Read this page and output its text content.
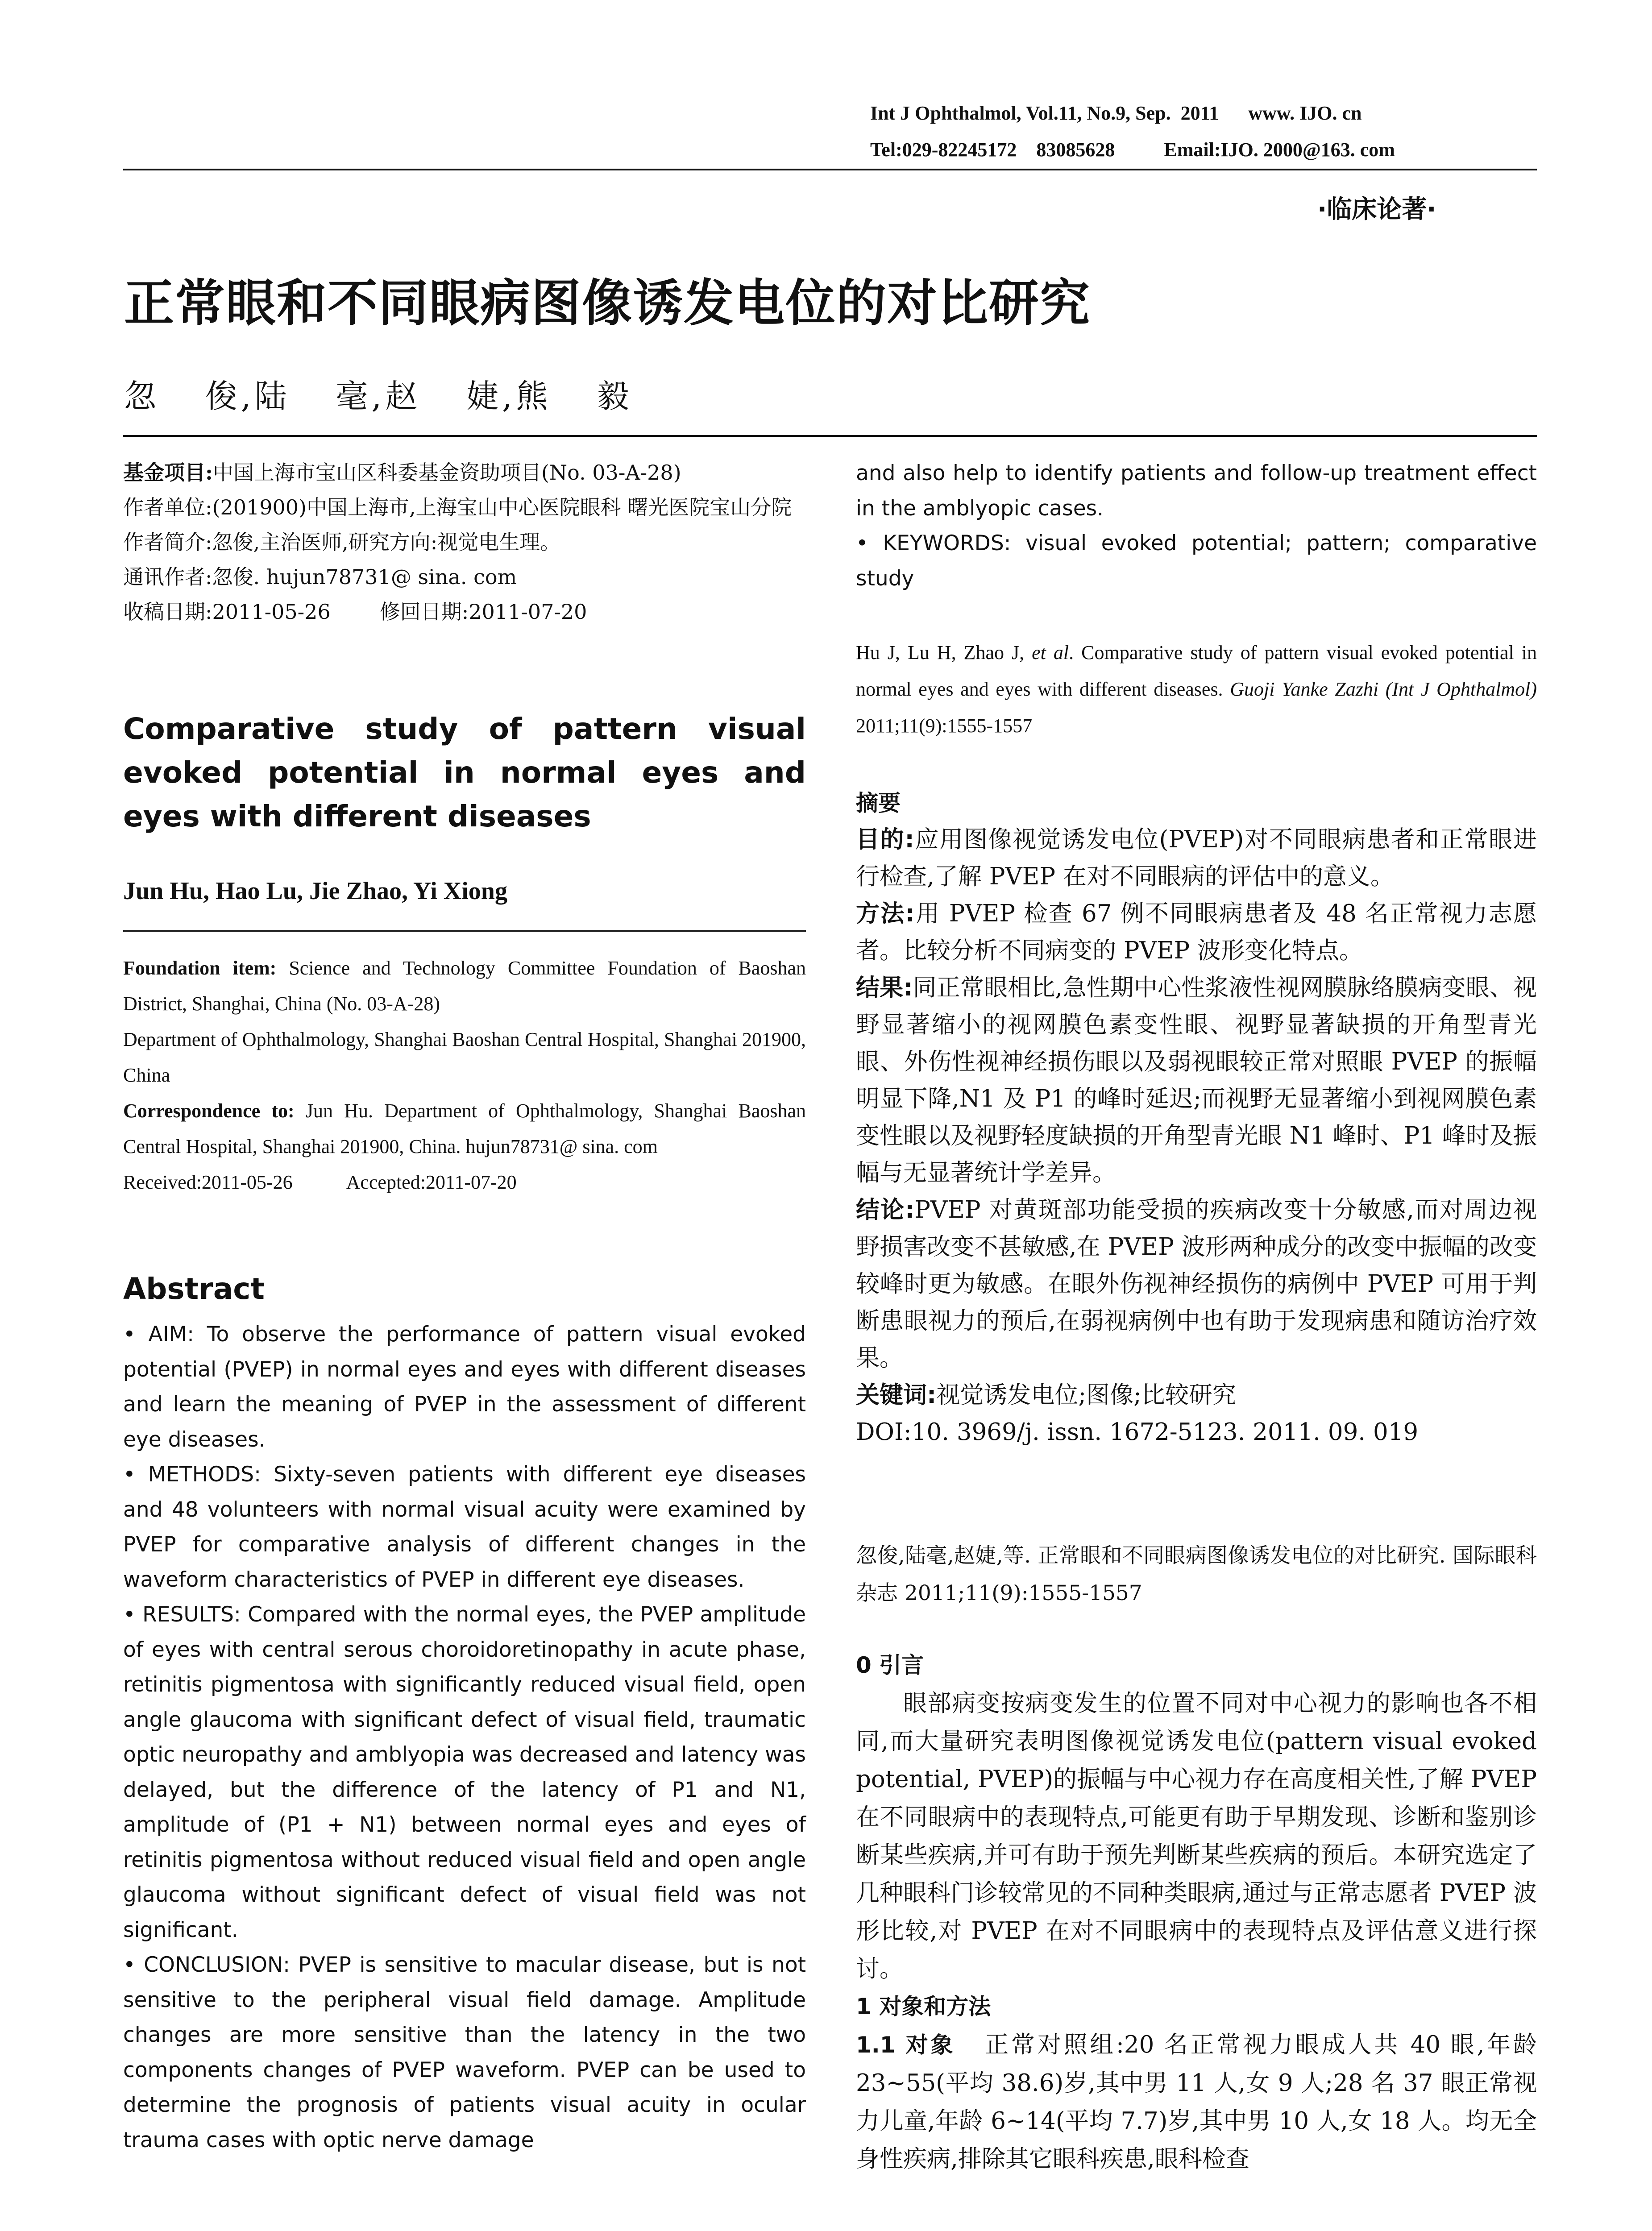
Int J Ophthalmol, Vol.11, No.9, Sep.  2011      www. IJO. cn
Tel:029-82245172    83085628          Email:IJO. 2000@163. com
·临床论著·
正常眼和不同眼病图像诱发电位的对比研究
忽  俊,陆  毫,赵  婕,熊  毅

基金项目:中国上海市宝山区科委基金资助项目(No. 03-A-28)

作者单位:(201900)中国上海市,上海宝山中心医院眼科 曙光医院宝山分院

作者简介:忽俊,主治医师,研究方向:视觉电生理。

通讯作者:忽俊. hujun78731@ sina. com

收稿日期:2011-05-26 修回日期:2011-07-20

Comparative study of pattern visual evoked potential in normal eyes and eyes with different diseases
Jun Hu, Hao Lu, Jie Zhao, Yi Xiong

Foundation item: Science and Technology Committee Foundation of Baoshan District, Shanghai, China (No. 03-A-28)

Department of Ophthalmology, Shanghai Baoshan Central Hospital, Shanghai 201900, China

Correspondence to: Jun Hu. Department of Ophthalmology, Shanghai Baoshan Central Hospital, Shanghai 201900, China. hujun78731@ sina. com

Received:2011-05-26	Accepted:2011-07-20

Abstract

• AIM: To observe the performance of pattern visual evoked potential (PVEP) in normal eyes and eyes with different diseases and learn the meaning of PVEP in the assessment of different eye diseases.

• METHODS: Sixty-seven patients with different eye diseases and 48 volunteers with normal visual acuity were examined by PVEP for comparative analysis of different changes in the waveform characteristics of PVEP in different eye diseases.

• RESULTS: Compared with the normal eyes, the PVEP amplitude of eyes with central serous choroidoretinopathy in acute phase, retinitis pigmentosa with significantly reduced visual field, open angle glaucoma with significant defect of visual field, traumatic optic neuropathy and amblyopia was decreased and latency was delayed, but the difference of the latency of P1 and N1, amplitude of (P1 + N1) between normal eyes and eyes of retinitis pigmentosa without reduced visual field and open angle glaucoma without significant defect of visual field was not significant.

• CONCLUSION: PVEP is sensitive to macular disease, but is not sensitive to the peripheral visual field damage. Amplitude changes are more sensitive than the latency in the two components changes of PVEP waveform. PVEP can be used to determine the prognosis of patients visual acuity in ocular trauma cases with optic nerve damage

and also help to identify patients and follow-up treatment effect in the amblyopic cases.

• KEYWORDS: visual evoked potential; pattern; comparative study

Hu J, Lu H, Zhao J, et al. Comparative study of pattern visual evoked potential in normal eyes and eyes with different diseases. Guoji Yanke Zazhi (Int J Ophthalmol) 2011;11(9):1555-1557
摘要

目的:应用图像视觉诱发电位(PVEP)对不同眼病患者和正常眼进行检查,了解 PVEP 在对不同眼病的评估中的意义。

方法:用 PVEP 检查 67 例不同眼病患者及 48 名正常视力志愿者。比较分析不同病变的 PVEP 波形变化特点。

结果:同正常眼相比,急性期中心性浆液性视网膜脉络膜病变眼、视野显著缩小的视网膜色素变性眼、视野显著缺损的开角型青光眼、外伤性视神经损伤眼以及弱视眼较正常对照眼 PVEP 的振幅明显下降,N1 及 P1 的峰时延迟;而视野无显著缩小到视网膜色素变性眼以及视野轻度缺损的开角型青光眼 N1 峰时、P1 峰时及振幅与无显著统计学差异。

结论:PVEP 对黄斑部功能受损的疾病改变十分敏感,而对周边视野损害改变不甚敏感,在 PVEP 波形两种成分的改变中振幅的改变较峰时更为敏感。在眼外伤视神经损伤的病例中 PVEP 可用于判断患眼视力的预后,在弱视病例中也有助于发现病患和随访治疗效果。

关键词:视觉诱发电位;图像;比较研究

DOI:10. 3969/j. issn. 1672-5123. 2011. 09. 019

忽俊,陆毫,赵婕,等. 正常眼和不同眼病图像诱发电位的对比研究. 国际眼科杂志 2011;11(9):1555-1557
0 引言

眼部病变按病变发生的位置不同对中心视力的影响也各不相同,而大量研究表明图像视觉诱发电位(pattern visual evoked potential, PVEP)的振幅与中心视力存在高度相关性,了解 PVEP 在不同眼病中的表现特点,可能更有助于早期发现、诊断和鉴别诊断某些疾病,并可有助于预先判断某些疾病的预后。本研究选定了几种眼科门诊较常见的不同种类眼病,通过与正常志愿者 PVEP 波形比较,对 PVEP 在对不同眼病中的表现特点及评估意义进行探讨。

1 对象和方法

1.1 对象 正常对照组:20 名正常视力眼成人共 40 眼,年龄 23~55(平均 38.6)岁,其中男 11 人,女 9 人;28 名 37 眼正常视力儿童,年龄 6~14(平均 7.7)岁,其中男 10 人,女 18 人。均无全身性疾病,排除其它眼科疾患,眼科检查
